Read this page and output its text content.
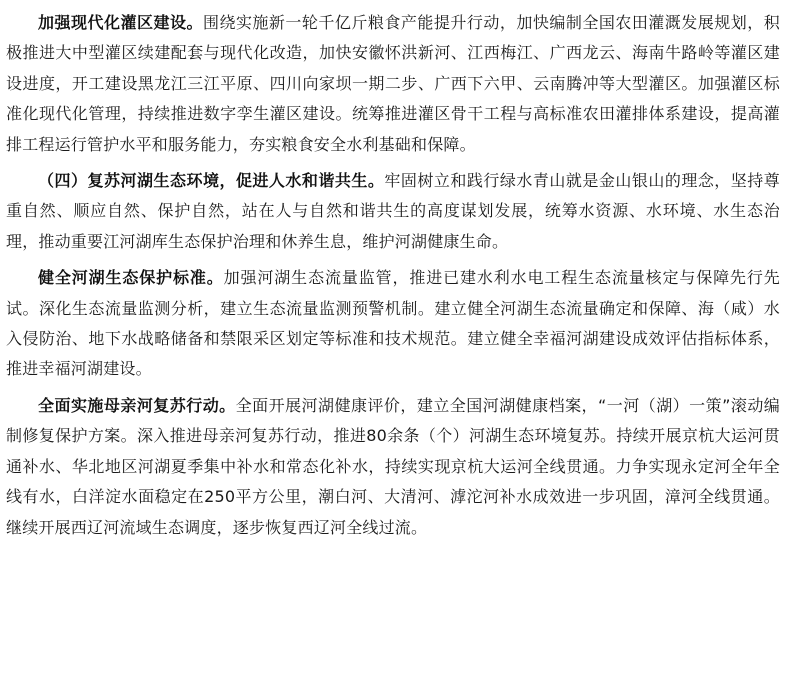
加强现代化灌区建设。围绕实施新一轮千亿斤粮食产能提升行动，加快编制全国农田灌溉发展规划，积极推进大中型灌区续建配套与现代化改造，加快安徽怀洪新河、江西梅江、广西龙云、海南牛路岭等灌区建设进度，开工建设黑龙江三江平原、四川向家坝一期二步、广西下六甲、云南腾冲等大型灌区。加强灌区标准化现代化管理，持续推进数字孪生灌区建设。统筹推进灌区骨干工程与高标准农田灌排体系建设，提高灌排工程运行管护水平和服务能力，夯实粮食安全水利基础和保障。

（四）复苏河湖生态环境，促进人水和谐共生。牢固树立和践行绿水青山就是金山银山的理念，坚持尊重自然、顺应自然、保护自然，站在人与自然和谐共生的高度谋划发展，统筹水资源、水环境、水生态治理，推动重要江河湖库生态保护治理和休养生息，维护河湖健康生命。

健全河湖生态保护标准。加强河湖生态流量监管，推进已建水利水电工程生态流量核定与保障先行先试。深化生态流量监测分析，建立生态流量监测预警机制。建立健全河湖生态流量确定和保障、海（咸）水入侵防治、地下水战略储备和禁限采区划定等标准和技术规范。建立健全幸福河湖建设成效评估指标体系，推进幸福河湖建设。

全面实施母亲河复苏行动。全面开展河湖健康评价，建立全国河湖健康档案，“一河（湖）一策”滚动编制修复保护方案。深入推进母亲河复苏行动，推进80余条（个）河湖生态环境复苏。持续开展京杭大运河贯通补水、华北地区河湖夏季集中补水和常态化补水，持续实现京杭大运河全线贯通。力争实现永定河全年全线有水，白洋淀水面稳定在250平方公里，潮白河、大清河、滹沱河补水成效进一步巩固，漳河全线贯通。继续开展西辽河流域生态调度，逐步恢复西辽河全线过流。
